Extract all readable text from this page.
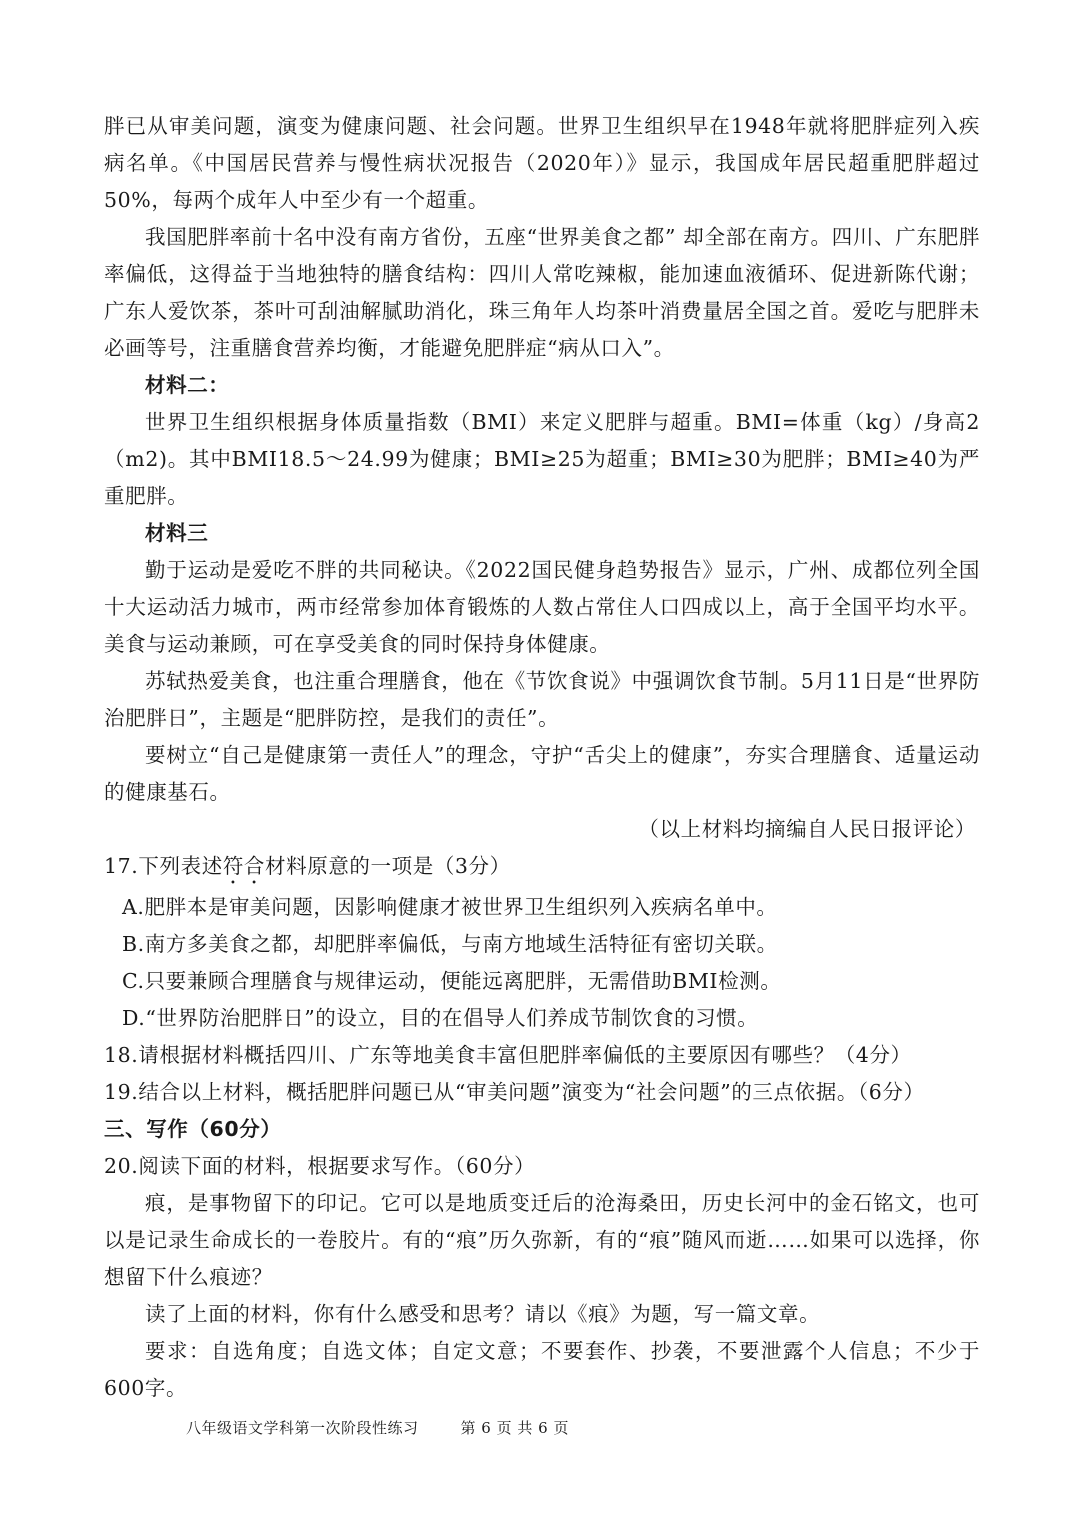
胖已从审美问题，演变为健康问题、社会问题。世界卫生组织早在1948年就将肥胖症列入疾病名单。《中国居民营养与慢性病状况报告（2020年）》显示，我国成年居民超重肥胖超过50%，每两个成年人中至少有一个超重。

我国肥胖率前十名中没有南方省份，五座“世界美食之都” 却全部在南方。四川、广东肥胖率偏低，这得益于当地独特的膳食结构：四川人常吃辣椒，能加速血液循环、促进新陈代谢；广东人爱饮茶，茶叶可刮油解腻助消化，珠三角年人均茶叶消费量居全国之首。爱吃与肥胖未必画等号，注重膳食营养均衡，才能避免肥胖症“病从口入”。

材料二：

世界卫生组织根据身体质量指数（BMI）来定义肥胖与超重。BMI=体重（kg）/身高2（m2)。其中BMI18.5～24.99为健康；BMI≥25为超重；BMI≥30为肥胖；BMI≥40为严重肥胖。

材料三

勤于运动是爱吃不胖的共同秘诀。《2022国民健身趋势报告》显示，广州、成都位列全国十大运动活力城市，两市经常参加体育锻炼的人数占常住人口四成以上，高于全国平均水平。美食与运动兼顾，可在享受美食的同时保持身体健康。

苏轼热爱美食，也注重合理膳食，他在《节饮食说》中强调饮食节制。5月11日是“世界防治肥胖日”，主题是“肥胖防控，是我们的责任”。

要树立“自己是健康第一责任人”的理念，守护“舌尖上的健康”，夯实合理膳食、适量运动的健康基石。

（以上材料均摘编自人民日报评论）

17.下列表述符合材料原意的一项是（3分）

A.肥胖本是审美问题，因影响健康才被世界卫生组织列入疾病名单中。

B.南方多美食之都，却肥胖率偏低，与南方地域生活特征有密切关联。

C.只要兼顾合理膳食与规律运动，便能远离肥胖，无需借助BMI检测。

D.“世界防治肥胖日”的设立，目的在倡导人们养成节制饮食的习惯。

18.请根据材料概括四川、广东等地美食丰富但肥胖率偏低的主要原因有哪些？（4分）

19.结合以上材料，概括肥胖问题已从“审美问题”演变为“社会问题”的三点依据。（6分）

三、写作（60分）

20.阅读下面的材料，根据要求写作。（60分）

痕，是事物留下的印记。它可以是地质变迁后的沧海桑田，历史长河中的金石铭文，也可以是记录生命成长的一卷胶片。有的“痕”历久弥新，有的“痕”随风而逝……如果可以选择，你想留下什么痕迹？

读了上面的材料，你有什么感受和思考？请以《痕》为题，写一篇文章。

要求：自选角度；自选文体；自定文意；不要套作、抄袭，不要泄露个人信息；不少于600字。

八年级语文学科第一次阶段性练习	第 6 页 共 6 页
